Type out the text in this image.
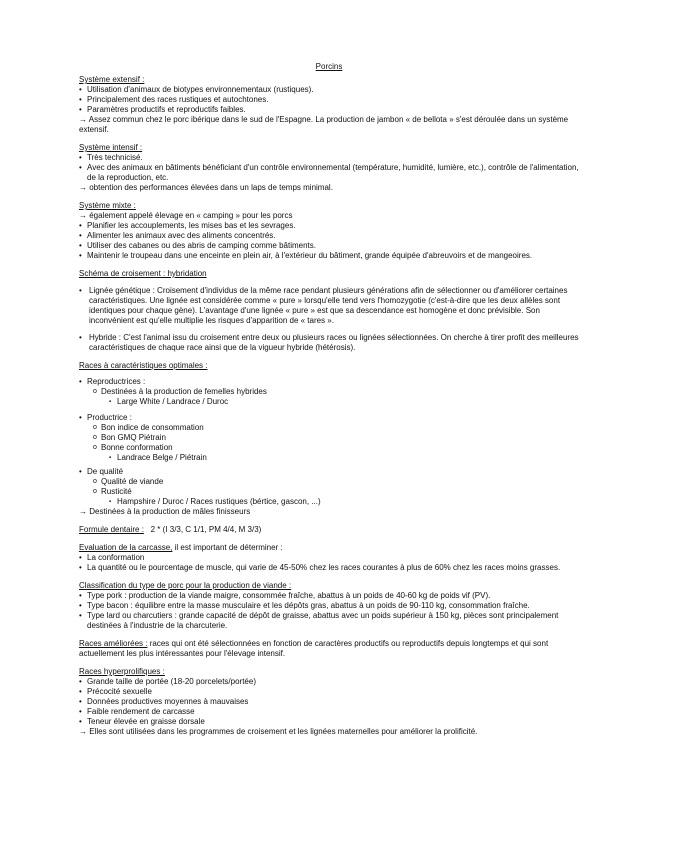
Porcins
Système extensif :
• Utilisation d'animaux de biotypes environnementaux (rustiques).
• Principalement des races rustiques et autochtones.
• Paramètres productifs et reproductifs faibles.
→ Assez commun chez le porc ibérique dans le sud de l'Espagne. La production de jambon « de bellota » s'est déroulée dans un système extensif.
Système intensif :
• Très technicisé.
• Avec des animaux en bâtiments bénéficiant d'un contrôle environnemental (température, humidité, lumière, etc.), contrôle de l'alimentation, de la reproduction, etc.
→ obtention des performances élevées dans un laps de temps minimal.
Système mixte :
→ également appelé élevage en « camping » pour les porcs
• Planifier les accouplements, les mises bas et les sevrages.
• Alimenter les animaux avec des aliments concentrés.
• Utiliser des cabanes ou des abris de camping comme bâtiments.
• Maintenir le troupeau dans une enceinte en plein air, à l'extérieur du bâtiment, grande équipée d'abreuvoirs et de mangeoires.
Schéma de croisement : hybridation
• Lignée génétique : Croisement d'individus de la même race pendant plusieurs générations afin de sélectionner ou d'améliorer certaines caractéristiques. Une lignée est considérée comme « pure » lorsqu'elle tend vers l'homozygotie (c'est-à-dire que les deux allèles sont identiques pour chaque gène). L'avantage d'une lignée « pure » est que sa descendance est homogène et donc prévisible. Son inconvénient est qu'elle multiplie les risques d'apparition de « tares ».
• Hybride : C'est l'animal issu du croisement entre deux ou plusieurs races ou lignées sélectionnées. On cherche à tirer profit des meilleures caractéristiques de chaque race ainsi que de la vigueur hybride (hétérosis).
Races à caractéristiques optimales :
• Reproductrices :
o Destinées à la production de femelles hybrides
▪ Large White / Landrace / Duroc
• Productrice :
o Bon indice de consommation
o Bon GMQ Piétrain
o Bonne conformation
▪ Landrace Belge / Piétrain
• De qualité
o Qualité de viande
o Rusticité
▪ Hampshire / Duroc / Races rustiques (bértice, gascon, ...)
→ Destinées à la production de mâles finisseurs
Formule dentaire : 2 * (I 3/3, C 1/1, PM 4/4, M 3/3)
Evaluation de la carcasse, il est important de déterminer :
• La conformation
• La quantité ou le pourcentage de muscle, qui varie de 45-50% chez les races courantes à plus de 60% chez les races moins grasses.
Classification du type de porc pour la production de viande :
• Type pork : production de la viande maigre, consommée fraîche, abattus à un poids de 40-60 kg de poids vif (PV).
• Type bacon : équilibre entre la masse musculaire et les dépôts gras, abattus à un poids de 90-110 kg, consommation fraîche.
• Type lard ou charcutiers : grande capacité de dépôt de graisse, abattus avec un poids supérieur à 150 kg, pièces sont principalement destinées à l'industrie de la charcuterie.
Races améliorées : races qui ont été sélectionnées en fonction de caractères productifs ou reproductifs depuis longtemps et qui sont actuellement les plus intéressantes pour l'élevage intensif.
Races hyperprolifiques :
• Grande taille de portée (18-20 porcelets/portée)
• Précocité sexuelle
• Données productives moyennes à mauvaises
• Faible rendement de carcasse
• Teneur élevée en graisse dorsale
→ Elles sont utilisées dans les programmes de croisement et les lignées maternelles pour améliorer la prolificité.
